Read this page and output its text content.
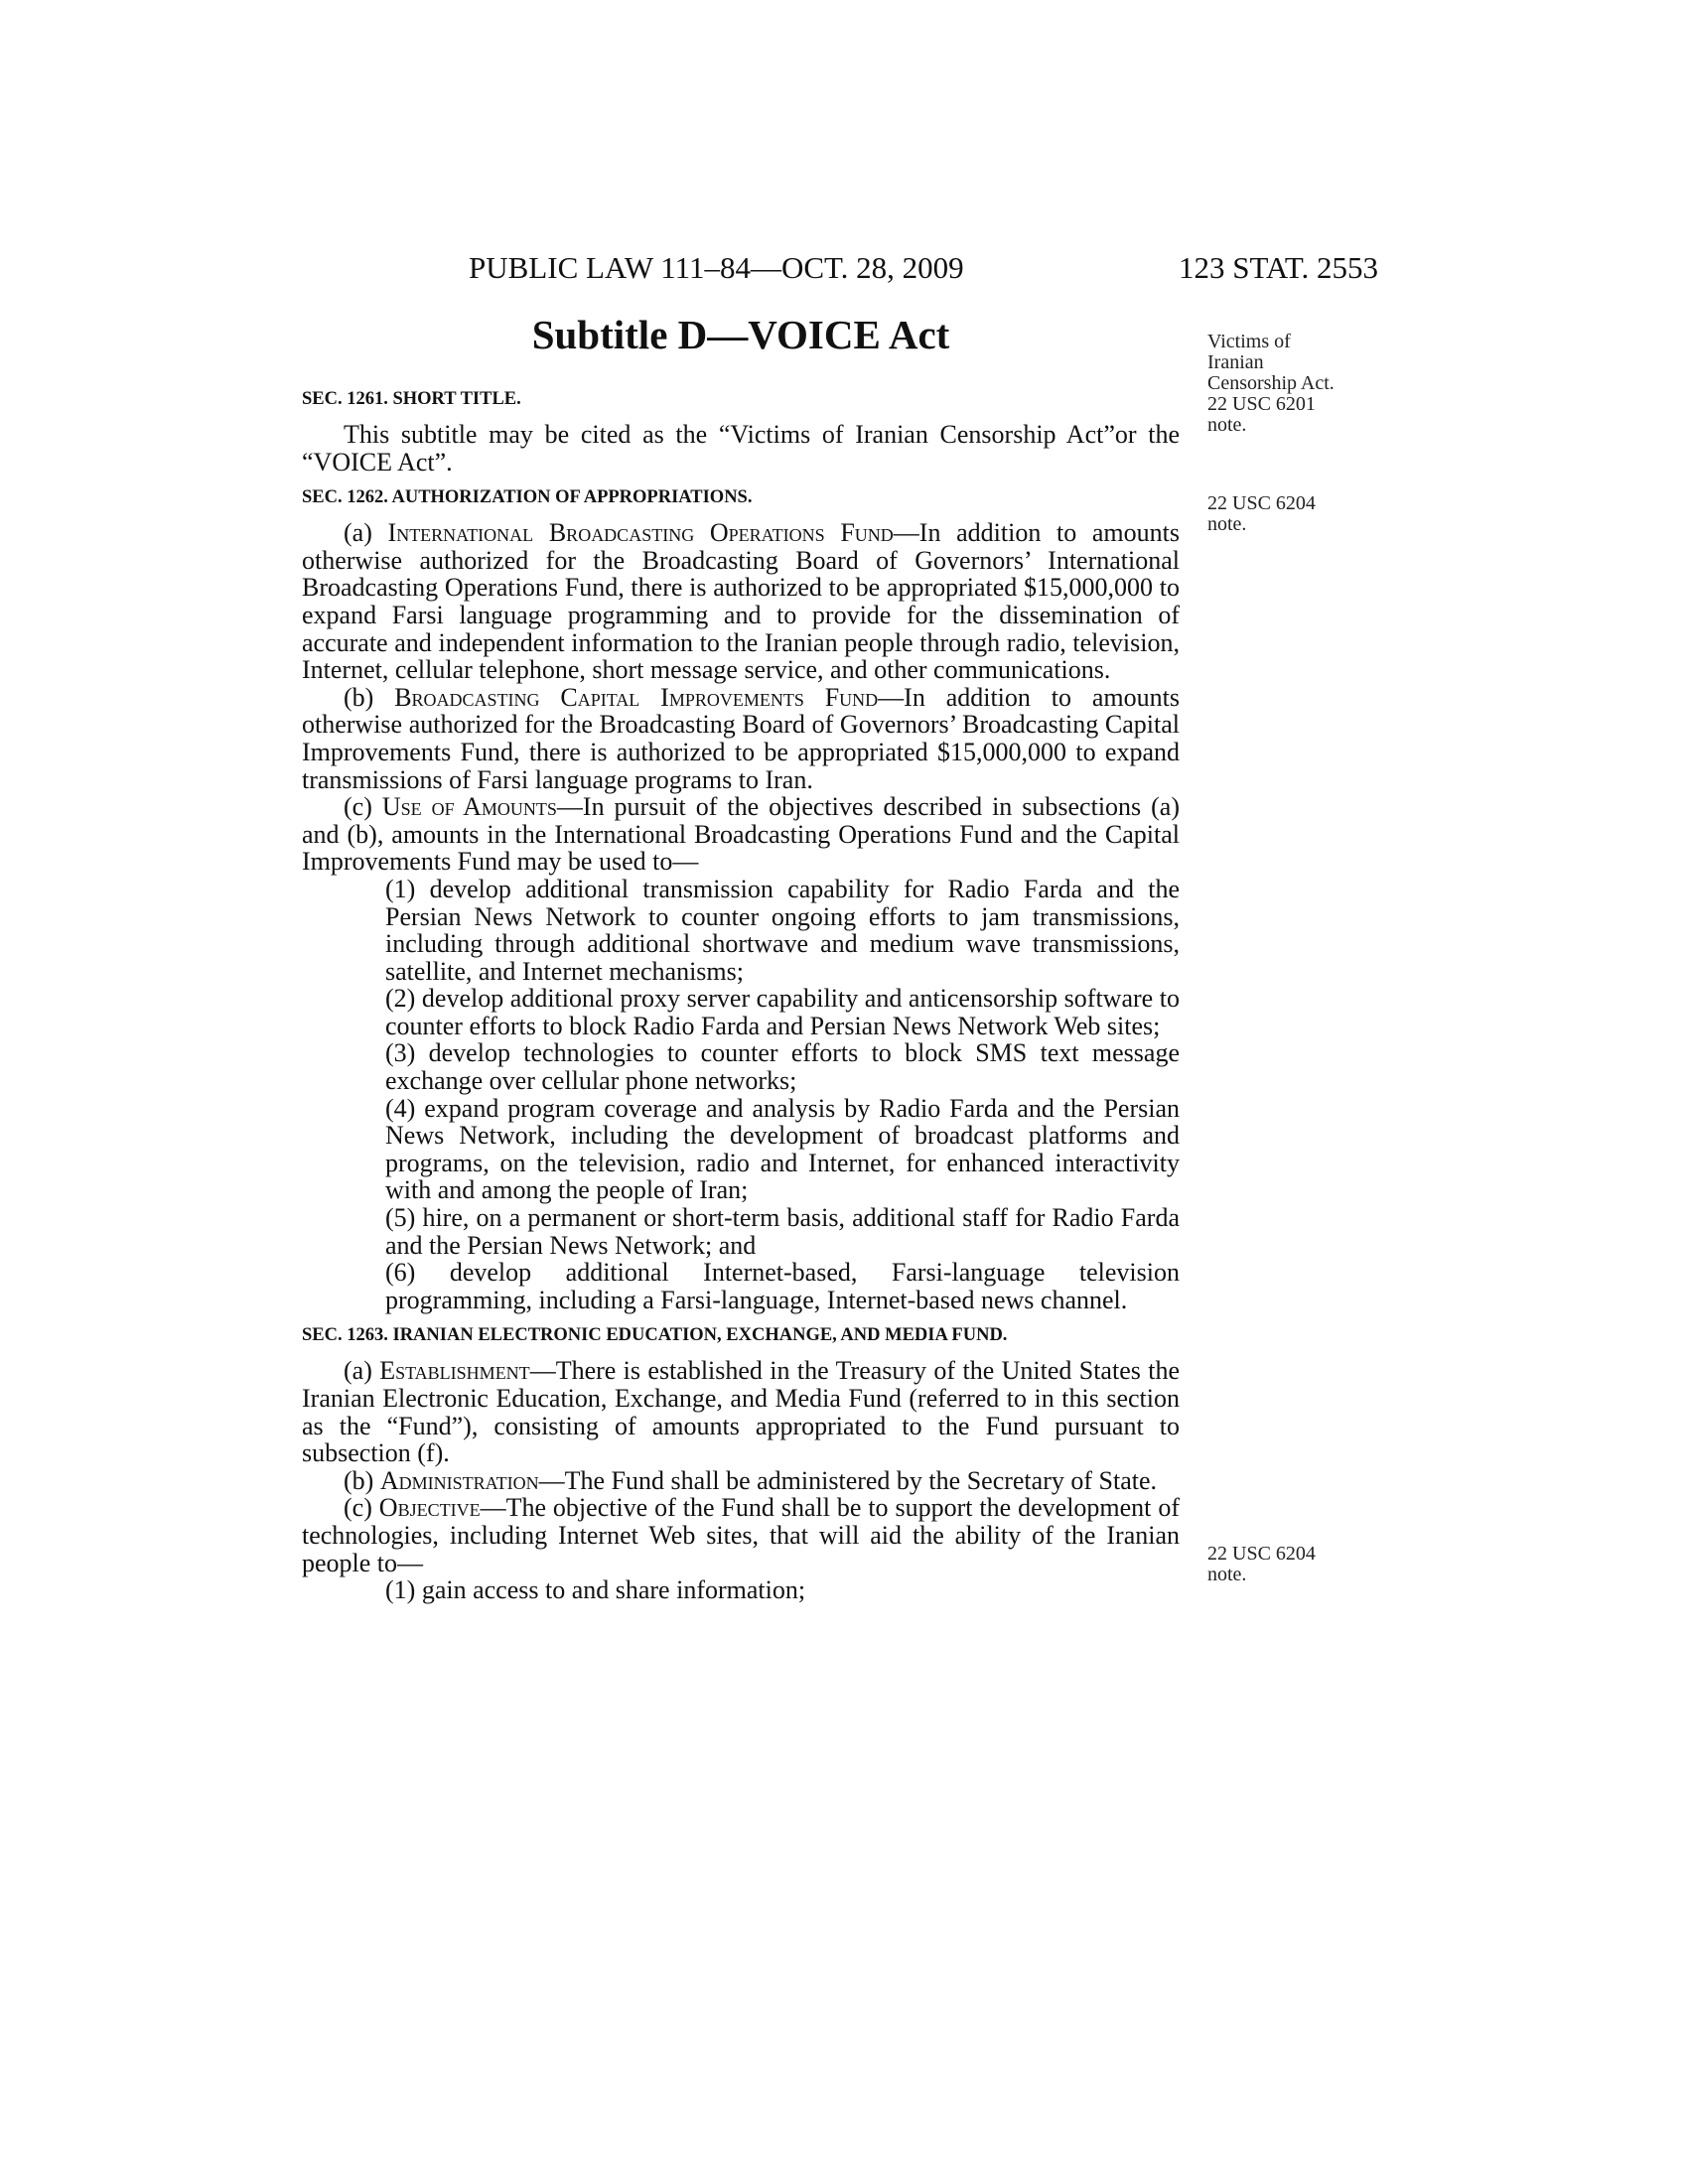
PUBLIC LAW 111–84—OCT. 28, 2009	123 STAT. 2553
Subtitle D—VOICE Act	Victims of
Iranian
Censorship Act.
22 USC 6201
note.
22 USC 6204
note.
22 USC 6204
note.
SEC. 1261. SHORT TITLE.

This subtitle may be cited as the “Victims of Iranian Censorship Act”or the “VOICE Act”.

SEC. 1262. AUTHORIZATION OF APPROPRIATIONS.

(a) International Broadcasting Operations Fund—In addition to amounts otherwise authorized for the Broadcasting Board of Governors’ International Broadcasting Operations Fund, there is authorized to be appropriated $15,000,000 to expand Farsi language programming and to provide for the dissemination of accurate and independent information to the Iranian people through radio, television, Internet, cellular telephone, short message service, and other communications.

(b) Broadcasting Capital Improvements Fund—In addition to amounts otherwise authorized for the Broadcasting Board of Governors’ Broadcasting Capital Improvements Fund, there is authorized to be appropriated $15,000,000 to expand transmissions of Farsi language programs to Iran.

(c) Use of Amounts—In pursuit of the objectives described in subsections (a) and (b), amounts in the International Broadcasting Operations Fund and the Capital Improvements Fund may be used to—

(1) develop additional transmission capability for Radio Farda and the Persian News Network to counter ongoing efforts to jam transmissions, including through additional shortwave and medium wave transmissions, satellite, and Internet mechanisms;

(2) develop additional proxy server capability and anticensorship software to counter efforts to block Radio Farda and Persian News Network Web sites;

(3) develop technologies to counter efforts to block SMS text message exchange over cellular phone networks;

(4) expand program coverage and analysis by Radio Farda and the Persian News Network, including the development of broadcast platforms and programs, on the television, radio and Internet, for enhanced interactivity with and among the people of Iran;

(5) hire, on a permanent or short-term basis, additional staff for Radio Farda and the Persian News Network; and

(6) develop additional Internet-based, Farsi-language television programming, including a Farsi-language, Internet-based news channel.

SEC. 1263. IRANIAN ELECTRONIC EDUCATION, EXCHANGE, AND MEDIA FUND.

(a) Establishment—There is established in the Treasury of the United States the Iranian Electronic Education, Exchange, and Media Fund (referred to in this section as the “Fund”), consisting of amounts appropriated to the Fund pursuant to subsection (f).

(b) Administration—The Fund shall be administered by the Secretary of State.

(c) Objective—The objective of the Fund shall be to support the development of technologies, including Internet Web sites, that will aid the ability of the Iranian people to—

(1) gain access to and share information;
